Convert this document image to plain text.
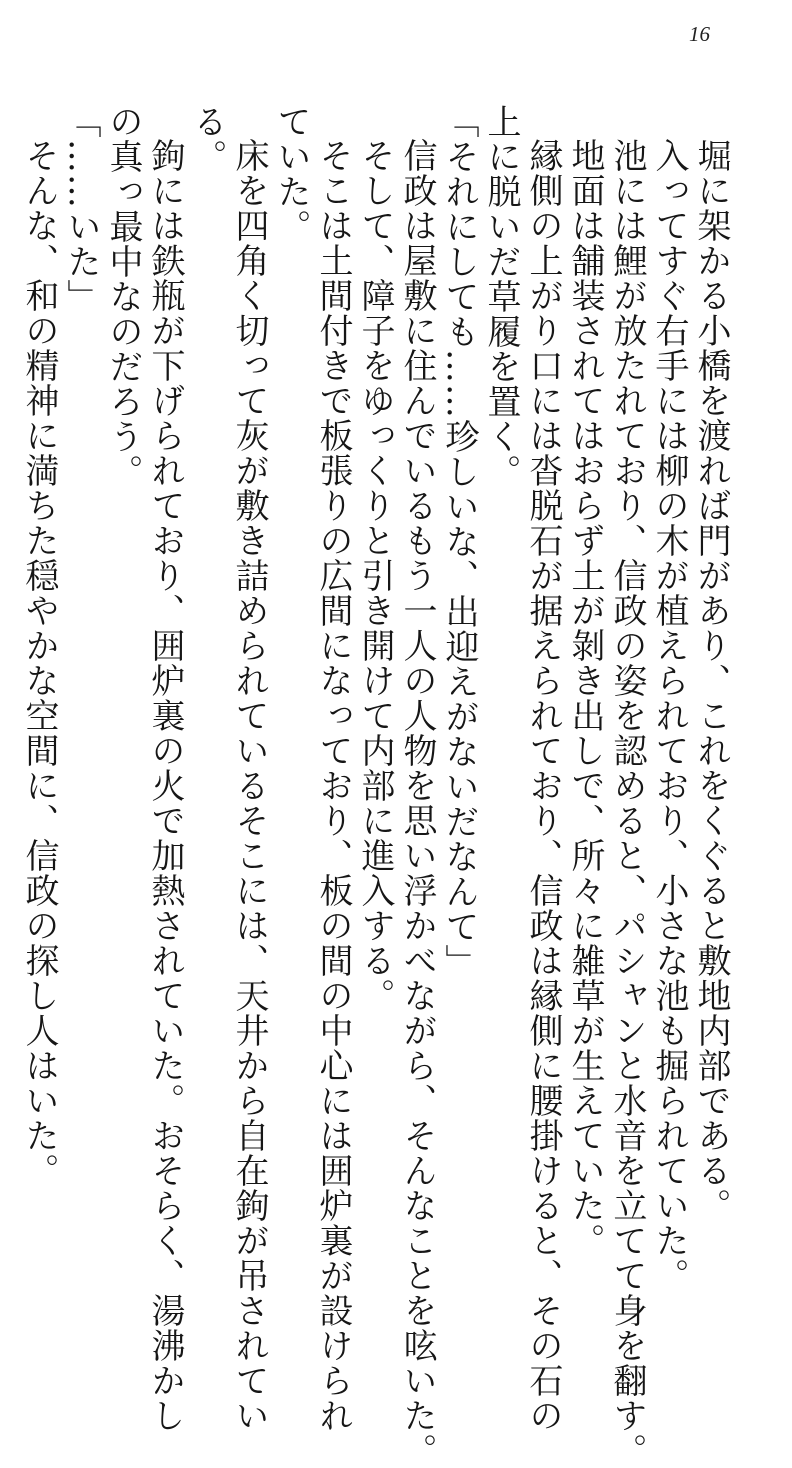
16
堀に架かる小橋を渡れば門があり、これをくぐると敷地内部である。
入ってすぐ右手には柳の木が植えられており、小さな池も掘られていた。
池には鯉が放たれており、信政の姿を認めると、パシャンと水音を立てて身を翻す。
地面は舗装されてはおらず土が剝き出しで、所々に雑草が生えていた。
縁側の上がり口には沓脱石が据えられており、信政は縁側に腰掛けると、その石の
上に脱いだ草履を置く。
「それにしても……珍しいな、出迎えがないだなんて」
信政は屋敷に住んでいるもう一人の人物を思い浮かべながら、そんなことを呟いた。
そして、障子をゆっくりと引き開けて内部に進入する。
そこは土間付きで板張りの広間になっており、板の間の中心には囲炉裏が設けられ
ていた。
床を四角く切って灰が敷き詰められているそこには、天井から自在鉤が吊されてい
る。
鉤には鉄瓶が下げられており、囲炉裏の火で加熱されていた。おそらく、湯沸かし
の真っ最中なのだろう。
「……いた」
そんな、和の精神に満ちた穏やかな空間に、信政の探し人はいた。
